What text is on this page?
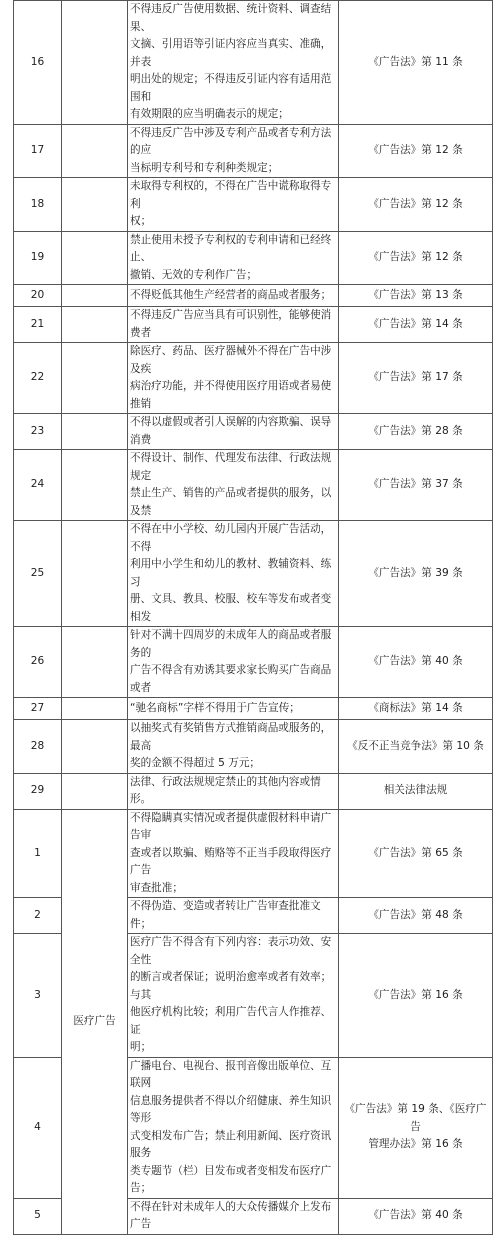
16		不得违反广告使用数据、统计资料、调查结果、
文摘、引用语等引证内容应当真实、准确，并表
明出处的规定；不得违反引证内容有适用范围和
有效期限的应当明确表示的规定；	《广告法》第 11 条
17		不得违反广告中涉及专利产品或者专利方法的应
当标明专利号和专利种类规定；	《广告法》第 12 条
18		未取得专利权的，不得在广告中谎称取得专利
权；	《广告法》第 12 条
19		禁止使用未授予专利权的专利申请和已经终止、
撤销、无效的专利作广告；	《广告法》第 12 条
20		不得贬低其他生产经营者的商品或者服务；	《广告法》第 13 条
21		不得违反广告应当具有可识别性，能够使消费者	《广告法》第 14 条
22		除医疗、药品、医疗器械外不得在广告中涉及疾
病治疗功能，并不得使用医疗用语或者易使推销	《广告法》第 17 条
23		不得以虚假或者引人误解的内容欺骗、误导消费	《广告法》第 28 条
24		不得设计、制作、代理发布法律、行政法规规定
禁止生产、销售的产品或者提供的服务，以及禁	《广告法》第 37 条
25		不得在中小学校、幼儿园内开展广告活动，不得
利用中小学生和幼儿的教材、教辅资料、练习
册、文具、教具、校服、校车等发布或者变相发	《广告法》第 39 条
26		针对不满十四周岁的未成年人的商品或者服务的
广告不得含有劝诱其要求家长购买广告商品或者	《广告法》第 40 条
27		“驰名商标”字样不得用于广告宣传；	《商标法》第 14 条
28		以抽奖式有奖销售方式推销商品或服务的，最高
奖的金额不得超过 5 万元；	《反不正当竞争法》第 10 条
29		法律、行政法规规定禁止的其他内容或情形。	相关法律法规
1	医疗广告	不得隐瞒真实情况或者提供虚假材料申请广告审
查或者以欺骗、贿赂等不正当手段取得医疗广告
审查批准；	《广告法》第 65 条
2		不得伪造、变造或者转让广告审查批准文件；	《广告法》第 48 条
3		医疗广告不得含有下列内容：表示功效、安全性
的断言或者保证；说明治愈率或者有效率；与其
他医疗机构比较；利用广告代言人作推荐、证
明；	《广告法》第 16 条
4		广播电台、电视台、报刊音像出版单位、互联网
信息服务提供者不得以介绍健康、养生知识等形
式变相发布广告；禁止利用新闻、医疗资讯服务
类专题节（栏）目发布或者变相发布医疗广告；	《广告法》第 19 条、《医疗广告
管理办法》第 16 条
5		不得在针对未成年人的大众传播媒介上发布广告	《广告法》第 40 条
